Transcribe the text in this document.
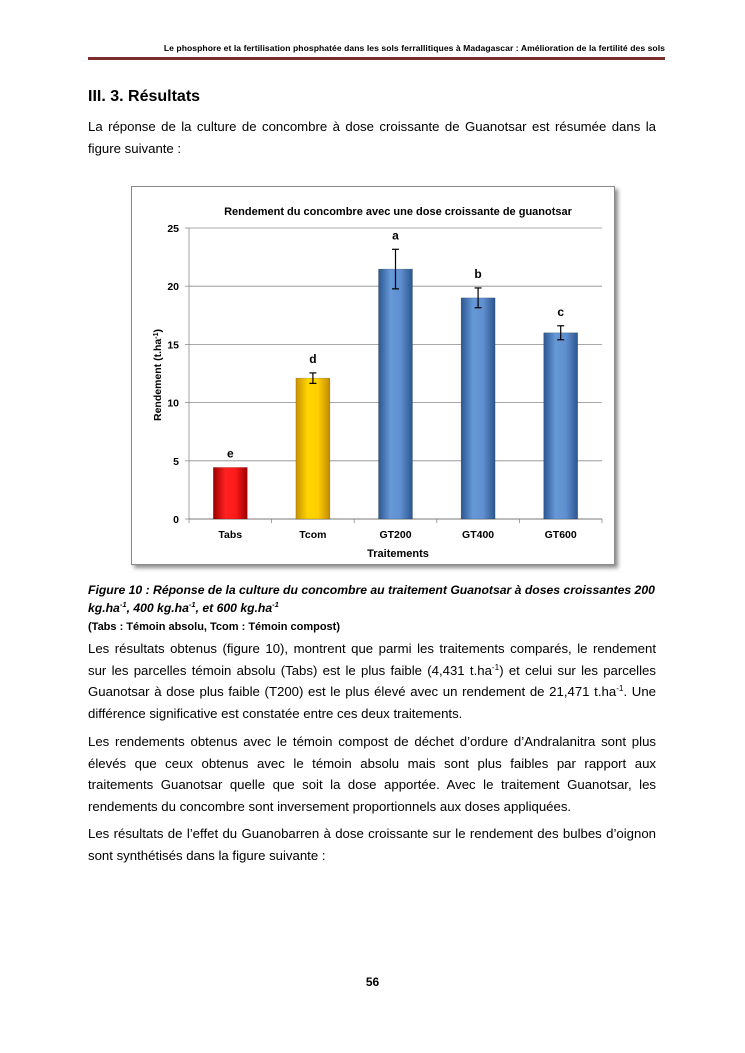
Le phosphore et la fertilisation phosphatée dans les sols ferrallitiques à Madagascar : Amélioration de la fertilité des sols
III. 3. Résultats

La réponse de la culture de concombre à dose croissante de Guanotsar est résumée dans la figure suivante :

Rendement du concombre avec une dose croissante de guanotsar
0
5
10
15
20
25
e
Tabs
d
Tcom
a
GT200
b
GT400
c
GT600
Traitements
Rendement $(t.ha^{-1})$

Figure 10 : Réponse de la culture du concombre au traitement Guanotsar à doses croissantes 200
$kg.ha^{-1}$, 400 $kg.ha^{-1}$, et 600 $kg.ha^{-1}$
(Tabs : Témoin absolu, Tcom : Témoin compost)

Les résultats obtenus (figure 10), montrent que parmi les traitements comparés, le rendement sur les parcelles témoin absolu (Tabs) est le plus faible (4,431 $t.ha^{-1}$) et celui sur les parcelles Guanotsar à dose plus faible (T200) est le plus élevé avec un rendement de 21,471 $t.ha^{-1}$. Une différence significative est constatée entre ces deux traitements.

Les rendements obtenus avec le témoin compost de déchet d’ordure d’Andralanitra sont plus élevés que ceux obtenus avec le témoin absolu mais sont plus faibles par rapport aux traitements Guanotsar quelle que soit la dose apportée. Avec le traitement Guanotsar, les rendements du concombre sont inversement proportionnels aux doses appliquées.

Les résultats de l’effet du Guanobarren à dose croissante sur le rendement des bulbes d’oignon sont synthétisés dans la figure suivante :

56
